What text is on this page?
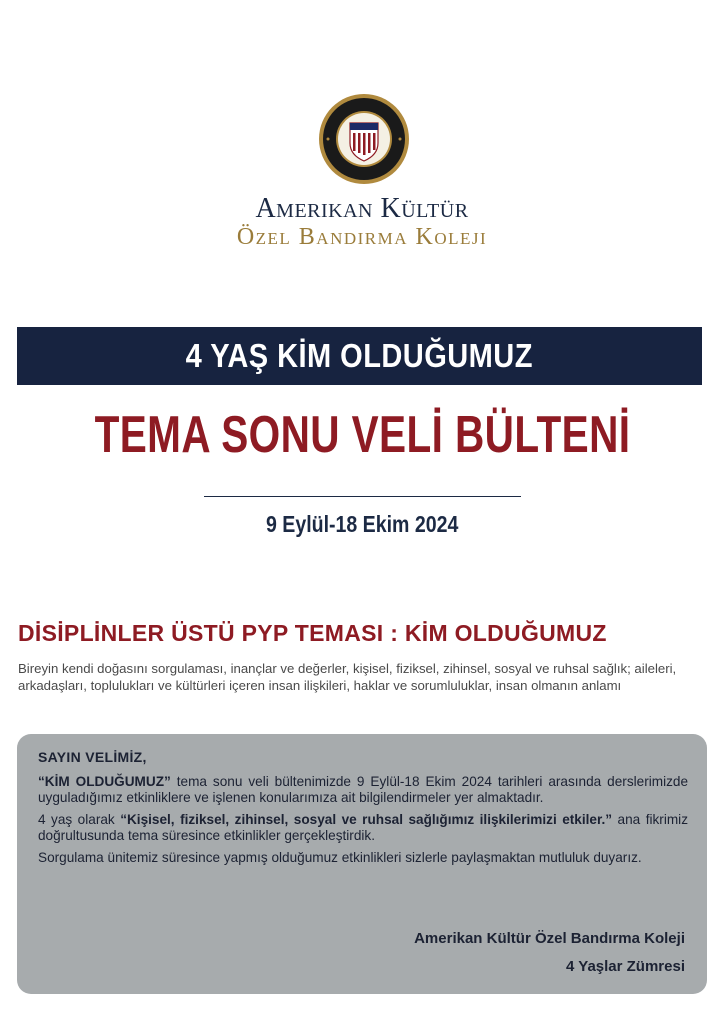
Amerikan Kültür
Özel Bandırma Koleji
4 YAŞ KİM OLDUĞUMUZ
TEMA SONU VELİ BÜLTENİ
9 Eylül-18 Ekim 2024
DİSİPLİNLER ÜSTÜ PYP TEMASI : KİM OLDUĞUMUZ
Bireyin kendi doğasını sorgulaması, inançlar ve değerler, kişisel, fiziksel, zihinsel, sosyal ve ruhsal sağlık; aileleri, arkadaşları, toplulukları ve kültürleri içeren insan ilişkileri, haklar ve sorumluluklar, insan olmanın anlamı
SAYIN VELİMİZ,
“KİM OLDUĞUMUZ” tema sonu veli bültenimizde 9 Eylül-18 Ekim 2024 tarihleri arasında derslerimizde uyguladığımız etkinliklere ve işlenen konularımıza ait bilgilendirmeler yer almaktadır.
4 yaş olarak “Kişisel, fiziksel, zihinsel, sosyal ve ruhsal sağlığımız ilişkilerimizi etkiler.” ana fikrimiz doğrultusunda tema süresince etkinlikler gerçekleştirdik.
Sorgulama ünitemiz süresince yapmış olduğumuz etkinlikleri sizlerle paylaşmaktan mutluluk duyarız.
Amerikan Kültür Özel Bandırma Koleji
4 Yaşlar Zümresi
